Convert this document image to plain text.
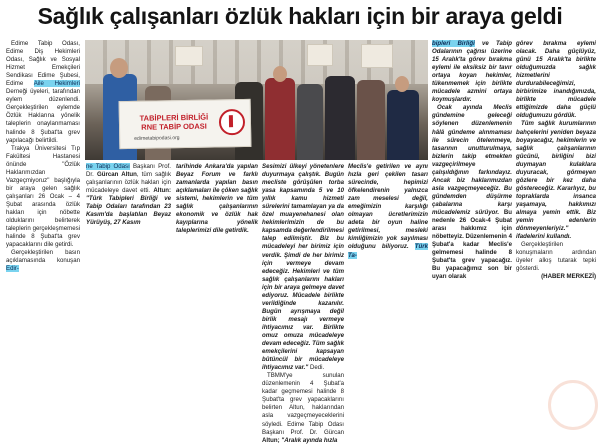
Sağlık çalışanları özlük hakları için bir araya geldi

Edime Tabip Odası, Edime Diş Hekimleri Odası, Sağlık ve Sosyal Hizmet Emekçileri Sendikası Edime Şubesi, Edime Aile Hekimleri Derneği üyeleri, tarafından eylem düzenlendi. Gerçekleştirilen eylemde Özlük Haklarına yönelik taleplerin onaylanmaması halinde 8 Şubat'ta grev yapılacağı belirtildi.

Trakya Üniversitesi Tıp Fakültesi Hastanesi önünde "Özlük Haklarımızdan Vazgeçmiyoruz" başlığıyla bir araya gelen sağlık çalışanları 26 Ocak – 4 Şubat arasında özlük hakları için nöbette olduklarını belirterek taleplerin gerçekleşmemesi halinde 8 Şubat'ta grev yapacaklarını dile getirdi.

Gerçekleştirilen basın açıklamasında konuşan Edir-

TABİPLERİ BİRLİĞİ
RNE TABİP ODASI
edirnetabipodasi.org

ne Tabip Odası Başkanı Prof. Dr. Gürcan Altun, tüm sağlık çalışanlarının özlük hakları için mücadeleye davet etti. Altun: "Türk Tabipleri Birliği ve Tabip Odaları tarafından 23 Kasım'da başlatılan Beyaz Yürüyüş, 27 Kasım

tarihinde Ankara'da yapılan Beyaz Forum ve farklı zamanlarda yapılan basın açıklamaları ile çöken sağlık sistemi, hekimlerin ve tüm sağlık çalışanlarının ekonomik ve özlük hak kayıplarına yönelik taleplerimizi dile getirdik.

Sesimizi ülkeyi yönetenlere duyurmaya çalıştık. Bugün mecliste görüşülen torba yasa kapsamında 5 ve 10 yıllık kamu hizmeti sürelerini tamamlayan ya da özel muayenehanesi olan hekimlerimizin de bu kapsamda değerlendirilmesi talep edilmiştir. Biz bu mücadeleyi her birimiz için verdik. Şimdi de her birimiz için vermeye devam edeceğiz. Hekimleri ve tüm sağlık çalışanlarını hakları için bir araya gelmeye davet ediyoruz. Mücadele birlikte verildiğinde kazanılır. Bugün ayrışmaya değil birlik mesajı vermeye ihtiyacımız var. Birlikte omuz omuza mücadeleye devam edeceğiz. Tüm sağlık emekçilerini kapsayan bütüncül bir mücadeleye ihtiyacımız var." Dedi.

TBMM'ye sunulan düzenlemenin 4 Şubat'a kadar geçmemesi halinde 8 Şubat'ta grev yapacaklarını belirten Altun, haklarından asla vazgeçmeyeceklerini söyledi. Edime Tabip Odası Başkanı Prof. Dr. Gürcan Altun; "Aralık ayında hızla

Meclis'e getirilen ve aynı hızla geri çekilen tasarı sürecinde, hepimizi öfkelendirenin yalnızca zam meselesi değil, emeğimizin karşılığı olmayan ücretlerimizin adeta bir oyun haline getirilmesi, mesleki kimliğimizin yok sayılması olduğunu biliyoruz. Türk Ta-

bipleri Birliği ve Tabip Odalarının çağrısı üzerine 15 Aralık'ta görev bırakma eylemi ile eksiksiz bir tavır ortaya koyan hekimler, tükenmemek için birlikte mücadele azmini ortaya koymuşlardır.

Ocak ayında Meclis gündemine geleceği söylenen düzenlemenin hâlâ gündeme alınmaması ile sürecin ötelenmeye, tasarının unutturulmaya, bizlerin takip etmekten vazgeçirilmeye çalışıldığının farkındayız. Ancak biz haklarımızdan asla vazgeçmeyeceğiz. Bu gündemden düşürme çabalarına karşı mücadelemiz sürüyor. Bu nedenle 26 Ocak-4 Şubat arası hakkımız için nöbetteyiz. Düzenlemenin 4 Şubat'a kadar Meclis'e gelmemesi halinde 8 Şubat'ta grev yapacağız. Bu yapacağımız son bir uyarı olarak

görev bırakma eylemi olacak. Daha güçlüyüz, günü 15 Aralık'ta birlikte olduğumuzda sağlık hizmetlerini durdurabileceğimizi, birbirimize inandığımızda, birlikte mücadele ettiğimizde daha güçlü olduğumuzu gördük.

Tüm sağlık kurumlarının bahçelerini yeniden beyaza boyayacağız, hekimlerin ve sağlık çalışanlarının gücünü, birliğini bizi duymayan kulaklara duyuracak, görmeyen gözlere bir kez daha göstereceğiz. Kararlıyız, bu topraklarda insanca yaşamaya, hakkımızı almaya yemin ettik. Biz yemin edenlerin dönmeyenleriyiz." ifadelerini kullandı.

Gerçekleştirilen konuşmaların ardından üyeler alkış tutarak tepki gösterdi.

(HABER MERKEZİ)
